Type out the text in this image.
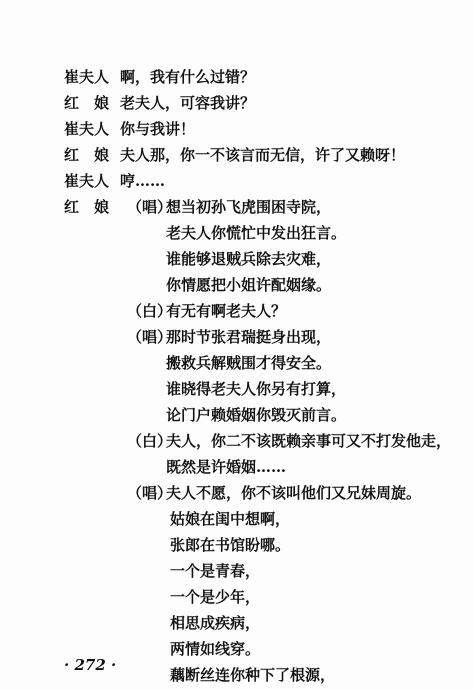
崔夫人 啊，我有什么过错？
红　娘 老夫人，可容我讲？
崔夫人 你与我讲！
红　娘 夫人那，你一不该言而无信，许了又赖呀！
崔夫人 哼……
红　娘 （唱）
想当初孙飞虎围困寺院，
老夫人你慌忙中发出狂言。
谁能够退贼兵除去灾难，
你情愿把小姐许配姻缘。
（白）
有无有啊老夫人？
（唱）
那时节张君瑞挺身出现，
搬救兵解贼围才得安全。
谁晓得老夫人你另有打算，
论门户赖婚姻你毁灭前言。
（白）
夫人，你二不该既赖亲事可又不打发他走，
既然是许婚姻……
（唱）
夫人不愿，你不该叫他们又兄妹周旋。
姑娘在闺中想啊，
张郎在书馆盼哪。
一个是青春，
一个是少年，
相思成疾病，
两情如线穿。
藕断丝连你种下了根源，
· 272 ·
